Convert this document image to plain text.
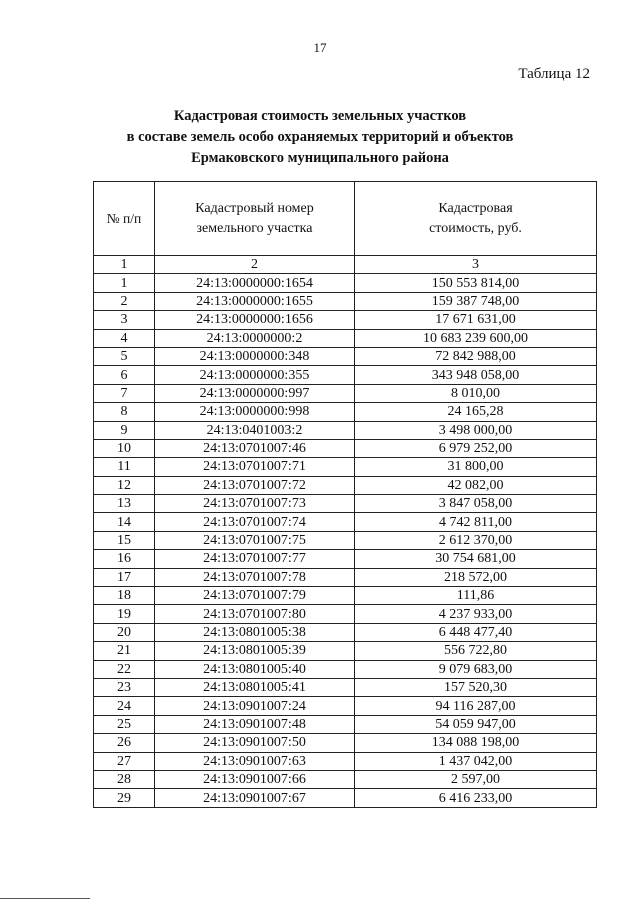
17
Таблица 12
Кадастровая стоимость земельных участков
в составе земель особо охраняемых территорий и объектов
Ермаковского муниципального района
№ п/п	Кадастровый номер земельного участка	Кадастровая стоимость, руб.
1	2	3
1	24:13:0000000:1654	150 553 814,00
2	24:13:0000000:1655	159 387 748,00
3	24:13:0000000:1656	17 671 631,00
4	24:13:0000000:2	10 683 239 600,00
5	24:13:0000000:348	72 842 988,00
6	24:13:0000000:355	343 948 058,00
7	24:13:0000000:997	8 010,00
8	24:13:0000000:998	24 165,28
9	24:13:0401003:2	3 498 000,00
10	24:13:0701007:46	6 979 252,00
11	24:13:0701007:71	31 800,00
12	24:13:0701007:72	42 082,00
13	24:13:0701007:73	3 847 058,00
14	24:13:0701007:74	4 742 811,00
15	24:13:0701007:75	2 612 370,00
16	24:13:0701007:77	30 754 681,00
17	24:13:0701007:78	218 572,00
18	24:13:0701007:79	111,86
19	24:13:0701007:80	4 237 933,00
20	24:13:0801005:38	6 448 477,40
21	24:13:0801005:39	556 722,80
22	24:13:0801005:40	9 079 683,00
23	24:13:0801005:41	157 520,30
24	24:13:0901007:24	94 116 287,00
25	24:13:0901007:48	54 059 947,00
26	24:13:0901007:50	134 088 198,00
27	24:13:0901007:63	1 437 042,00
28	24:13:0901007:66	2 597,00
29	24:13:0901007:67	6 416 233,00
